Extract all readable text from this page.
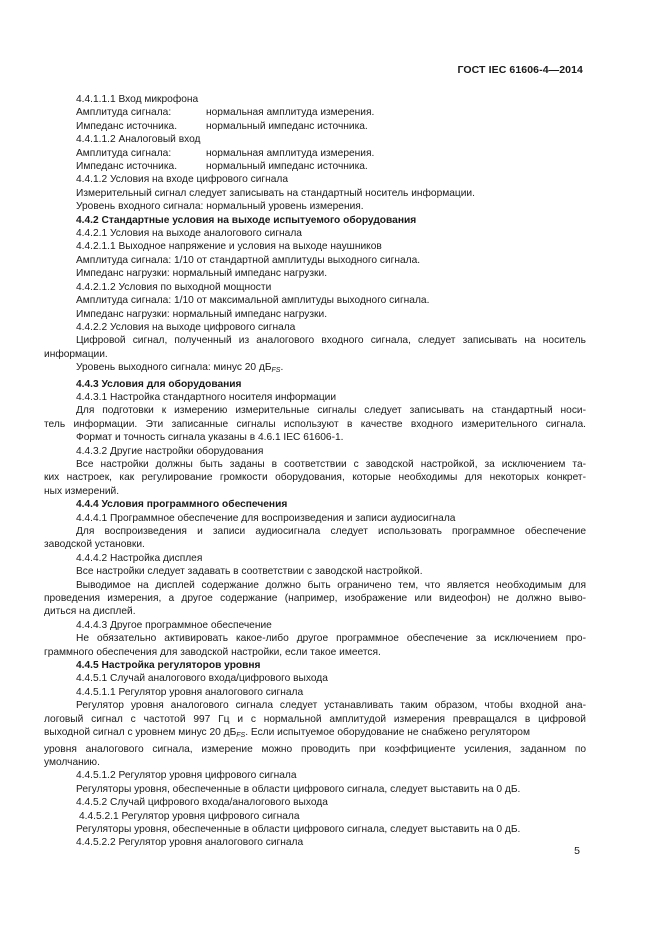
ГОСТ IEC 61606-4—2014
4.4.1.1.1 Вход микрофона
Амплитуда сигнала:	нормальная амплитуда измерения.
Импеданс источника.	нормальный импеданс источника.
4.4.1.1.2 Аналоговый вход
Амплитуда сигнала:	нормальная амплитуда измерения.
Импеданс источника.	нормальный импеданс источника.
4.4.1.2 Условия на входе цифрового сигнала
Измерительный сигнал следует записывать на стандартный носитель информации.
Уровень входного сигнала: нормальный уровень измерения.
4.4.2 Стандартные условия на выходе испытуемого оборудования
4.4.2.1 Условия на выходе аналогового сигнала
4.4.2.1.1 Выходное напряжение и условия на выходе наушников
Амплитуда сигнала: 1/10 от стандартной амплитуды выходного сигнала.
Импеданс нагрузки: нормальный импеданс нагрузки.
4.4.2.1.2 Условия по выходной мощности
Амплитуда сигнала: 1/10 от максимальной амплитуды выходного сигнала.
Импеданс нагрузки: нормальный импеданс нагрузки.
4.4.2.2 Условия на выходе цифрового сигнала
Цифровой сигнал, полученный из аналогового входного сигнала, следует записывать на носитель
информации.
Уровень выходного сигнала: минус 20 $дБ_{FS}$.
4.4.3 Условия для оборудования
4.4.3.1 Настройка стандартного носителя информации
Для подготовки к измерению измерительные сигналы следует записывать на стандартный носи-
тель информации. Эти записанные сигналы используют в качестве входного измерительного сигнала.
Формат и точность сигнала указаны в 4.6.1 IEC 61606-1.
4.4.3.2 Другие настройки оборудования
Все настройки должны быть заданы в соответствии с заводской настройкой, за исключением та-
ких настроек, как регулирование громкости оборудования, которые необходимы для некоторых конкрет-
ных измерений.
4.4.4 Условия программного обеспечения
4.4.4.1 Программное обеспечение для воспроизведения и записи аудиосигнала
Для воспроизведения и записи аудиосигнала следует использовать программное обеспечение
заводской установки.
4.4.4.2 Настройка дисплея
Все настройки следует задавать в соответствии с заводской настройкой.
Выводимое на дисплей содержание должно быть ограничено тем, что является необходимым для
проведения измерения, а другое содержание (например, изображение или видеофон) не должно выво-
диться на дисплей.
4.4.4.3 Другое программное обеспечение
Не обязательно активировать какое-либо другое программное обеспечение за исключением про-
граммного обеспечения для заводской настройки, если такое имеется.
4.4.5 Настройка регуляторов уровня
4.4.5.1 Случай аналогового входа/цифрового выхода
4.4.5.1.1 Регулятор уровня аналогового сигнала
Регулятор уровня аналогового сигнала следует устанавливать таким образом, чтобы входной ана-
логовый сигнал с частотой 997 Гц и с нормальной амплитудой измерения превращался в цифровой
выходной сигнал с уровнем минус 20 $дБ_{FS}$. Если испытуемое оборудование не снабжено регулятором
уровня аналогового сигнала, измерение можно проводить при коэффициенте усиления, заданном по
умолчанию.
4.4.5.1.2 Регулятор уровня цифрового сигнала
Регуляторы уровня, обеспеченные в области цифрового сигнала, следует выставить на 0 дБ.
4.4.5.2 Случай цифрового входа/аналогового выхода
4.4.5.2.1 Регулятор уровня цифрового сигнала
Регуляторы уровня, обеспеченные в области цифрового сигнала, следует выставить на 0 дБ.
4.4.5.2.2 Регулятор уровня аналогового сигнала
5
